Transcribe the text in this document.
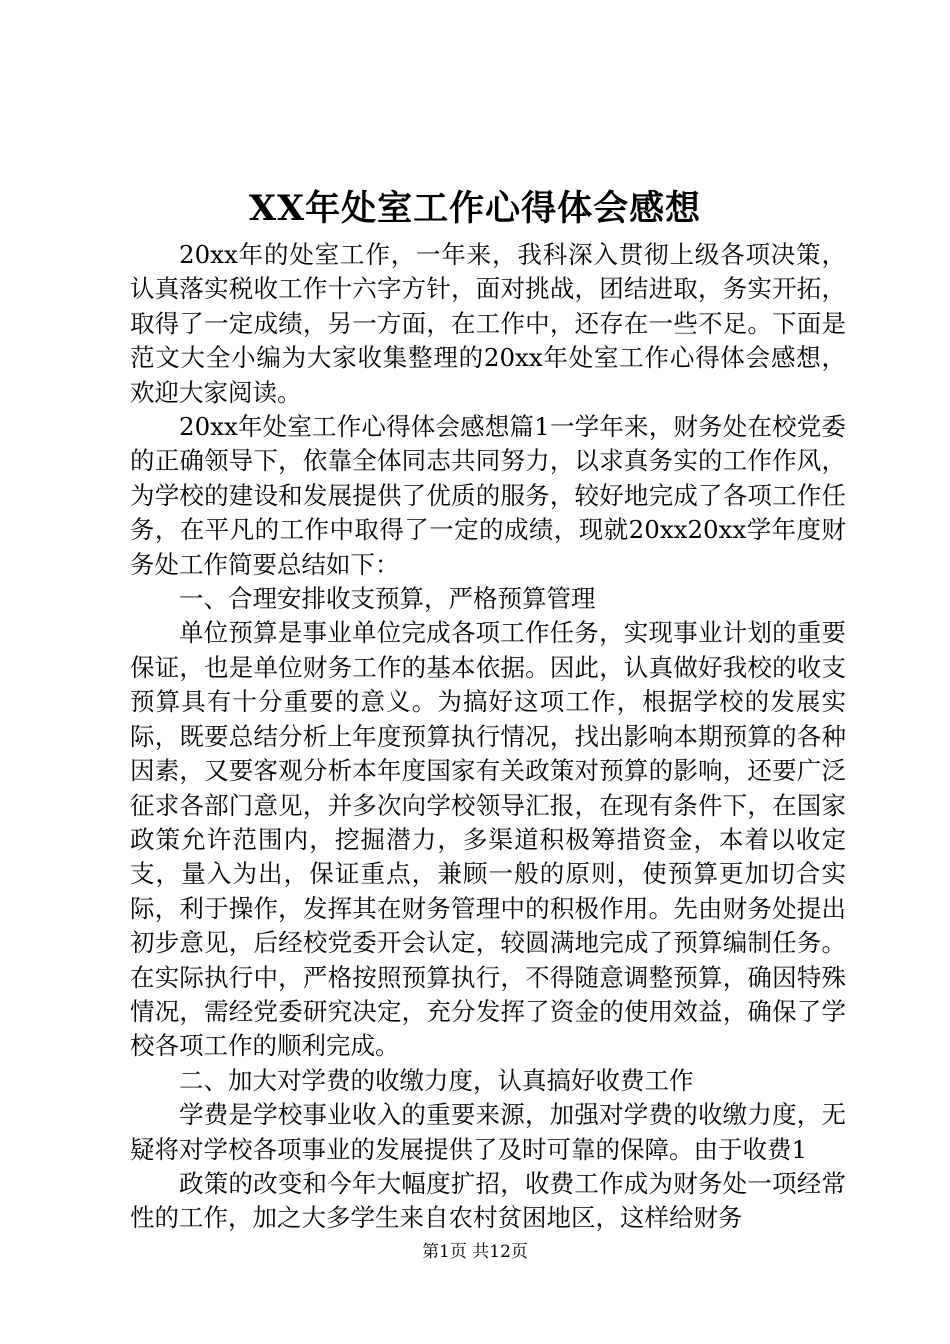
XX年处室工作心得体会感想

20xx年的处室工作，一年来，我科深入贯彻上级各项决策，认真落实税收工作十六字方针，面对挑战，团结进取，务实开拓，取得了一定成绩，另一方面，在工作中，还存在一些不足。下面是范文大全小编为大家收集整理的20xx年处室工作心得体会感想，欢迎大家阅读。

20xx年处室工作心得体会感想篇1一学年来，财务处在校党委的正确领导下，依靠全体同志共同努力，以求真务实的工作作风，为学校的建设和发展提供了优质的服务，较好地完成了各项工作任务，在平凡的工作中取得了一定的成绩，现就20xx20xx学年度财务处工作简要总结如下：

一、合理安排收支预算，严格预算管理

单位预算是事业单位完成各项工作任务，实现事业计划的重要保证，也是单位财务工作的基本依据。因此，认真做好我校的收支预算具有十分重要的意义。为搞好这项工作，根据学校的发展实际，既要总结分析上年度预算执行情况，找出影响本期预算的各种因素，又要客观分析本年度国家有关政策对预算的影响，还要广泛征求各部门意见，并多次向学校领导汇报，在现有条件下，在国家政策允许范围内，挖掘潜力，多渠道积极筹措资金，本着以收定支，量入为出，保证重点，兼顾一般的原则，使预算更加切合实际，利于操作，发挥其在财务管理中的积极作用。先由财务处提出初步意见，后经校党委开会认定，较圆满地完成了预算编制任务。在实际执行中，严格按照预算执行，不得随意调整预算，确因特殊情况，需经党委研究决定，充分发挥了资金的使用效益，确保了学校各项工作的顺利完成。

二、加大对学费的收缴力度，认真搞好收费工作

学费是学校事业收入的重要来源，加强对学费的收缴力度，无疑将对学校各项事业的发展提供了及时可靠的保障。由于收费1

政策的改变和今年大幅度扩招，收费工作成为财务处一项经常性的工作，加之大多学生来自农村贫困地区，这样给财务

第1页 共12页
